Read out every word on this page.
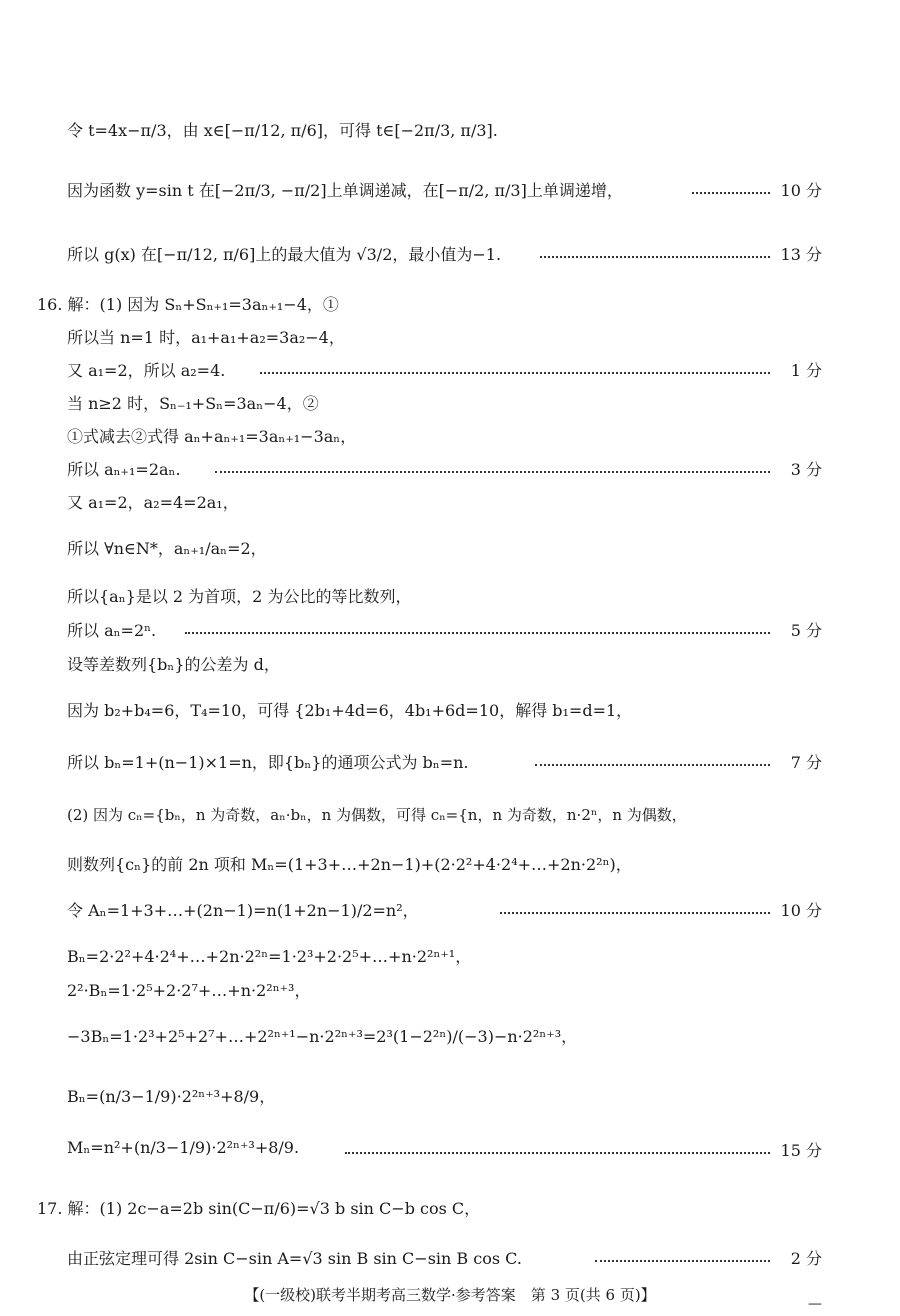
令 t=4x−π/3，由 x∈[−π/12, π/6]，可得 t∈[−2π/3, π/3].
因为函数 y=sin t 在[−2π/3, −π/2]上单调递减，在[−π/2, π/3]上单调递增，	10 分
所以 g(x) 在[−π/12, π/6]上的最大值为 √3/2，最小值为−1.	13 分
16. 解：(1) 因为 Sₙ+Sₙ₊₁=3aₙ₊₁−4，①
所以当 n=1 时，a₁+a₁+a₂=3a₂−4，
又 a₁=2，所以 a₂=4.	1 分
当 n≥2 时，Sₙ₋₁+Sₙ=3aₙ−4，②
①式减去②式得 aₙ+aₙ₊₁=3aₙ₊₁−3aₙ，
所以 aₙ₊₁=2aₙ.	3 分
又 a₁=2，a₂=4=2a₁，
所以 ∀n∈N*，aₙ₊₁/aₙ=2，
所以{aₙ}是以 2 为首项，2 为公比的等比数列，
所以 aₙ=2ⁿ.	5 分
设等差数列{bₙ}的公差为 d，
因为 b₂+b₄=6，T₄=10，可得 {2b₁+4d=6，4b₁+6d=10，解得 b₁=d=1，
所以 bₙ=1+(n−1)×1=n，即{bₙ}的通项公式为 bₙ=n.	7 分
(2) 因为 cₙ={bₙ，n 为奇数，aₙ·bₙ，n 为偶数，可得 cₙ={n，n 为奇数，n·2ⁿ，n 为偶数，
则数列{cₙ}的前 2n 项和 Mₙ=(1+3+…+2n−1)+(2·2²+4·2⁴+…+2n·2²ⁿ)，
令 Aₙ=1+3+…+(2n−1)=n(1+2n−1)/2=n²，	10 分
Bₙ=2·2²+4·2⁴+…+2n·2²ⁿ=1·2³+2·2⁵+…+n·2²ⁿ⁺¹，
2²·Bₙ=1·2⁵+2·2⁷+…+n·2²ⁿ⁺³，
−3Bₙ=1·2³+2⁵+2⁷+…+2²ⁿ⁺¹−n·2²ⁿ⁺³=2³(1−2²ⁿ)/(−3)−n·2²ⁿ⁺³，
Bₙ=(n/3−1/9)·2²ⁿ⁺³+8/9，
Mₙ=n²+(n/3−1/9)·2²ⁿ⁺³+8/9.	15 分
17. 解：(1) 2c−a=2b sin(C−π/6)=√3 b sin C−b cos C，
由正弦定理可得 2sin C−sin A=√3 sin B sin C−sin B cos C.	2 分
【(一级校)联考半期考高三数学·参考答案　第 3 页(共 6 页)】	—
